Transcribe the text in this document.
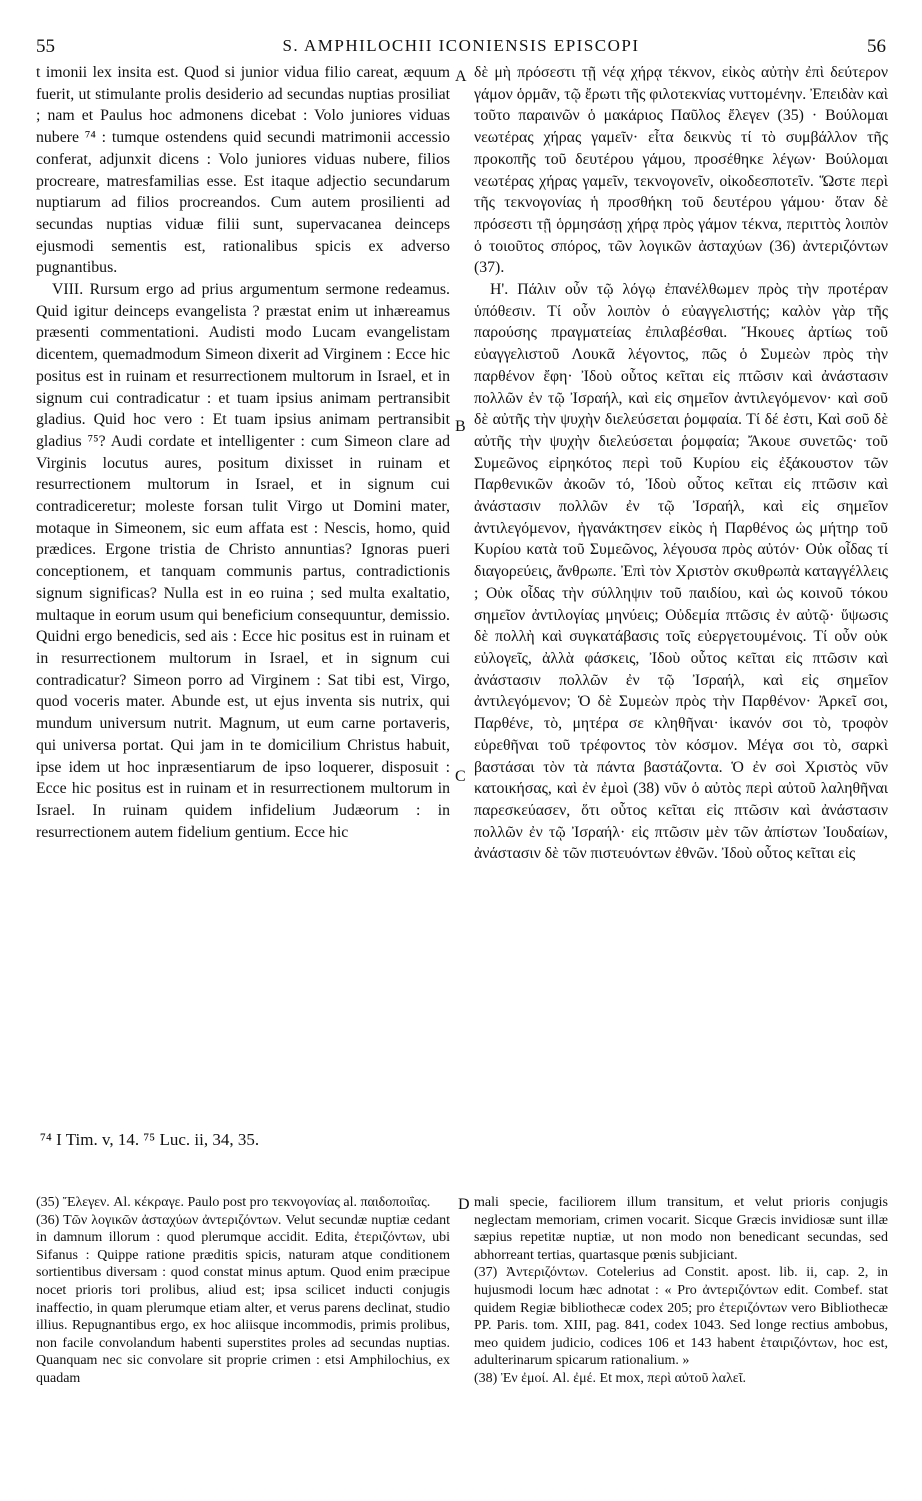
55	S. AMPHILOCHII ICONIENSIS EPISCOPI	56

t imonii lex insita est. Quod si junior vidua filio careat, æquum fuerit, ut stimulante prolis desiderio ad secundas nuptias prosiliat ; nam et Paulus hoc admonens dicebat : Volo juniores viduas nubere ⁷⁴ : tumque ostendens quid secundi matrimonii accessio conferat, adjunxit dicens : Volo juniores viduas nubere, filios procreare, matresfamilias esse. Est itaque adjectio secundarum nuptiarum ad filios procreandos. Cum autem prosilienti ad secundas nuptias viduæ filii sunt, supervacanea deinceps ejusmodi sementis est, rationalibus spicis ex adverso pugnantibus.

VIII. Rursum ergo ad prius argumentum sermone redeamus. Quid igitur deinceps evangelista ? præstat enim ut inhæreamus præsenti commentationi. Audisti modo Lucam evangelistam dicentem, quemadmodum Simeon dixerit ad Virginem : Ecce hic positus est in ruinam et resurrectionem multorum in Israel, et in signum cui contradicatur : et tuam ipsius animam pertransibit gladius. Quid hoc vero : Et tuam ipsius animam pertransibit gladius ⁷⁵? Audi cordate et intelligenter : cum Simeon clare ad Virginis locutus aures, positum dixisset in ruinam et resurrectionem multorum in Israel, et in signum cui contradiceretur; moleste forsan tulit Virgo ut Domini mater, motaque in Simeonem, sic eum affata est : Nescis, homo, quid prædices. Ergone tristia de Christo annuntias? Ignoras pueri conceptionem, et tanquam communis partus, contradictionis signum significas? Nulla est in eo ruina ; sed multa exaltatio, multaque in eorum usum qui beneficium consequuntur, demissio. Quidni ergo benedicis, sed ais : Ecce hic positus est in ruinam et in resurrectionem multorum in Israel, et in signum cui contradicatur? Simeon porro ad Virginem : Sat tibi est, Virgo, quod voceris mater. Abunde est, ut ejus inventa sis nutrix, qui mundum universum nutrit. Magnum, ut eum carne portaveris, qui universa portat. Qui jam in te domicilium Christus habuit, ipse idem ut hoc inpræsentiarum de ipso loquerer, disposuit : Ecce hic positus est in ruinam et in resurrectionem multorum in Israel. In ruinam quidem infidelium Judæorum : in resurrectionem autem fidelium gentium. Ecce hic

A
B
C
D

δὲ μὴ πρόσεστι τῇ νέᾳ χήρᾳ τέκνον, εἰκὸς αὐτὴν ἐπὶ δεύτερον γάμον ὁρμᾶν, τῷ ἔρωτι τῆς φιλοτεκνίας νυττομένην. Ἐπειδὰν καὶ τοῦτο παραινῶν ὁ μακάριος Παῦλος ἔλεγεν (35) · Βούλομαι νεωτέρας χήρας γαμεῖν· εἶτα δεικνὺς τί τὸ συμβάλλον τῆς προκοπῆς τοῦ δευτέρου γάμου, προσέθηκε λέγων· Βούλομαι νεωτέρας χήρας γαμεῖν, τεκνογονεῖν, οἰκοδεσποτεῖν. Ὥστε περὶ τῆς τεκνογονίας ἡ προσθήκη τοῦ δευτέρου γάμου· ὅταν δὲ πρόσεστι τῇ ὁρμησάσῃ χήρᾳ πρὸς γάμον τέκνα, περιττὸς λοιπὸν ὁ τοιοῦτος σπόρος, τῶν λογικῶν ἀσταχύων (36) ἀντεριζόντων (37).

Η'. Πάλιν οὖν τῷ λόγῳ ἐπανέλθωμεν πρὸς τὴν προτέραν ὑπόθεσιν. Τί οὖν λοιπὸν ὁ εὐαγγελιστής; καλὸν γὰρ τῆς παρούσης πραγματείας ἐπιλαβέσθαι. Ἤκουες ἀρτίως τοῦ εὐαγγελιστοῦ Λουκᾶ λέγοντος, πῶς ὁ Συμεὼν πρὸς τὴν παρθένον ἔφη· Ἰδοὺ οὗτος κεῖται εἰς πτῶσιν καὶ ἀνάστασιν πολλῶν ἐν τῷ Ἰσραήλ, καὶ εἰς σημεῖον ἀντιλεγόμενον· καὶ σοῦ δὲ αὐτῆς τὴν ψυχὴν διελεύσεται ῥομφαία. Τί δέ ἐστι, Καὶ σοῦ δὲ αὐτῆς τὴν ψυχὴν διελεύσεται ῥομφαία; Ἄκουε συνετῶς· τοῦ Συμεῶνος εἰρηκότος περὶ τοῦ Κυρίου εἰς ἐξάκουστον τῶν Παρθενικῶν ἀκοῶν τό, Ἰδοὺ οὗτος κεῖται εἰς πτῶσιν καὶ ἀνάστασιν πολλῶν ἐν τῷ Ἰσραήλ, καὶ εἰς σημεῖον ἀντιλεγόμενον, ἠγανάκτησεν εἰκὸς ἡ Παρθένος ὡς μήτηρ τοῦ Κυρίου κατὰ τοῦ Συμεῶνος, λέγουσα πρὸς αὐτόν· Οὐκ οἶδας τί διαγορεύεις, ἄνθρωπε. Ἐπὶ τὸν Χριστὸν σκυθρωπὰ καταγγέλλεις ; Οὐκ οἶδας τὴν σύλληψιν τοῦ παιδίου, καὶ ὡς κοινοῦ τόκου σημεῖον ἀντιλογίας μηνύεις; Οὐδεμία πτῶσις ἐν αὐτῷ· ὕψωσις δὲ πολλὴ καὶ συγκατάβασις τοῖς εὐεργετουμένοις. Τί οὖν οὐκ εὐλογεῖς, ἀλλὰ φάσκεις, Ἰδοὺ οὗτος κεῖται εἰς πτῶσιν καὶ ἀνάστασιν πολλῶν ἐν τῷ Ἰσραήλ, καὶ εἰς σημεῖον ἀντιλεγόμενον; Ὁ δὲ Συμεὼν πρὸς τὴν Παρθένον· Ἀρκεῖ σοι, Παρθένε, τὸ, μητέρα σε κληθῆναι· ἱκανόν σοι τὸ, τροφὸν εὑρεθῆναι τοῦ τρέφοντος τὸν κόσμον. Μέγα σοι τὸ, σαρκὶ βαστάσαι τὸν τὰ πάντα βαστάζοντα. Ὁ ἐν σοὶ Χριστὸς νῦν κατοικήσας, καὶ ἐν ἐμοὶ (38) νῦν ὁ αὐτὸς περὶ αὐτοῦ λαληθῆναι παρεσκεύασεν, ὅτι οὗτος κεῖται εἰς πτῶσιν καὶ ἀνάστασιν πολλῶν ἐν τῷ Ἰσραήλ· εἰς πτῶσιν μὲν τῶν ἀπίστων Ἰουδαίων, ἀνάστασιν δὲ τῶν πιστευόντων ἐθνῶν. Ἰδοὺ οὗτος κεῖται εἰς

⁷⁴ I Tim. v, 14. ⁷⁵ Luc. ii, 34, 35.

(35) Ἔλεγεν. Al. κέκραγε. Paulo post pro τεκνογονίας al. παιδοποιΐας.

(36) Τῶν λογικῶν ἀσταχύων ἀντεριζόντων. Velut secundæ nuptiæ cedant in damnum illorum : quod plerumque accidit. Edita, ἐτεριζόντων, ubi Sifanus : Quippe ratione præditis spicis, naturam atque conditionem sortientibus diversam : quod constat minus aptum. Quod enim præcipue nocet prioris tori prolibus, aliud est; ipsa scilicet inducti conjugis inaffectio, in quam plerumque etiam alter, et verus parens declinat, studio illius. Repugnantibus ergo, ex hoc aliisque incommodis, primis prolibus, non facile convolandum habenti superstites proles ad secundas nuptias. Quanquam nec sic convolare sit proprie crimen : etsi Amphilochius, ex quadam

mali specie, faciliorem illum transitum, et velut prioris conjugis neglectam memoriam, crimen vocarit. Sicque Græcis invidiosæ sunt illæ sæpius repetitæ nuptiæ, ut non modo non benedicant secundas, sed abhorreant tertias, quartasque pœnis subjiciant.

(37) Ἀντεριζόντων. Cotelerius ad Constit. apost. lib. ii, cap. 2, in hujusmodi locum hæc adnotat : « Pro ἀντεριζόντων edit. Combef. stat quidem Regiæ bibliothecæ codex 205; pro ἐτεριζόντων vero Bibliothecæ PP. Paris. tom. XIII, pag. 841, codex 1043. Sed longe rectius ambobus, meo quidem judicio, codices 106 et 143 habent ἑταιριζόντων, hoc est, adulterinarum spicarum rationalium. »

(38) Ἐν ἐμοί. Al. ἐμέ. Et mox, περὶ αὐτοῦ λαλεῖ.
